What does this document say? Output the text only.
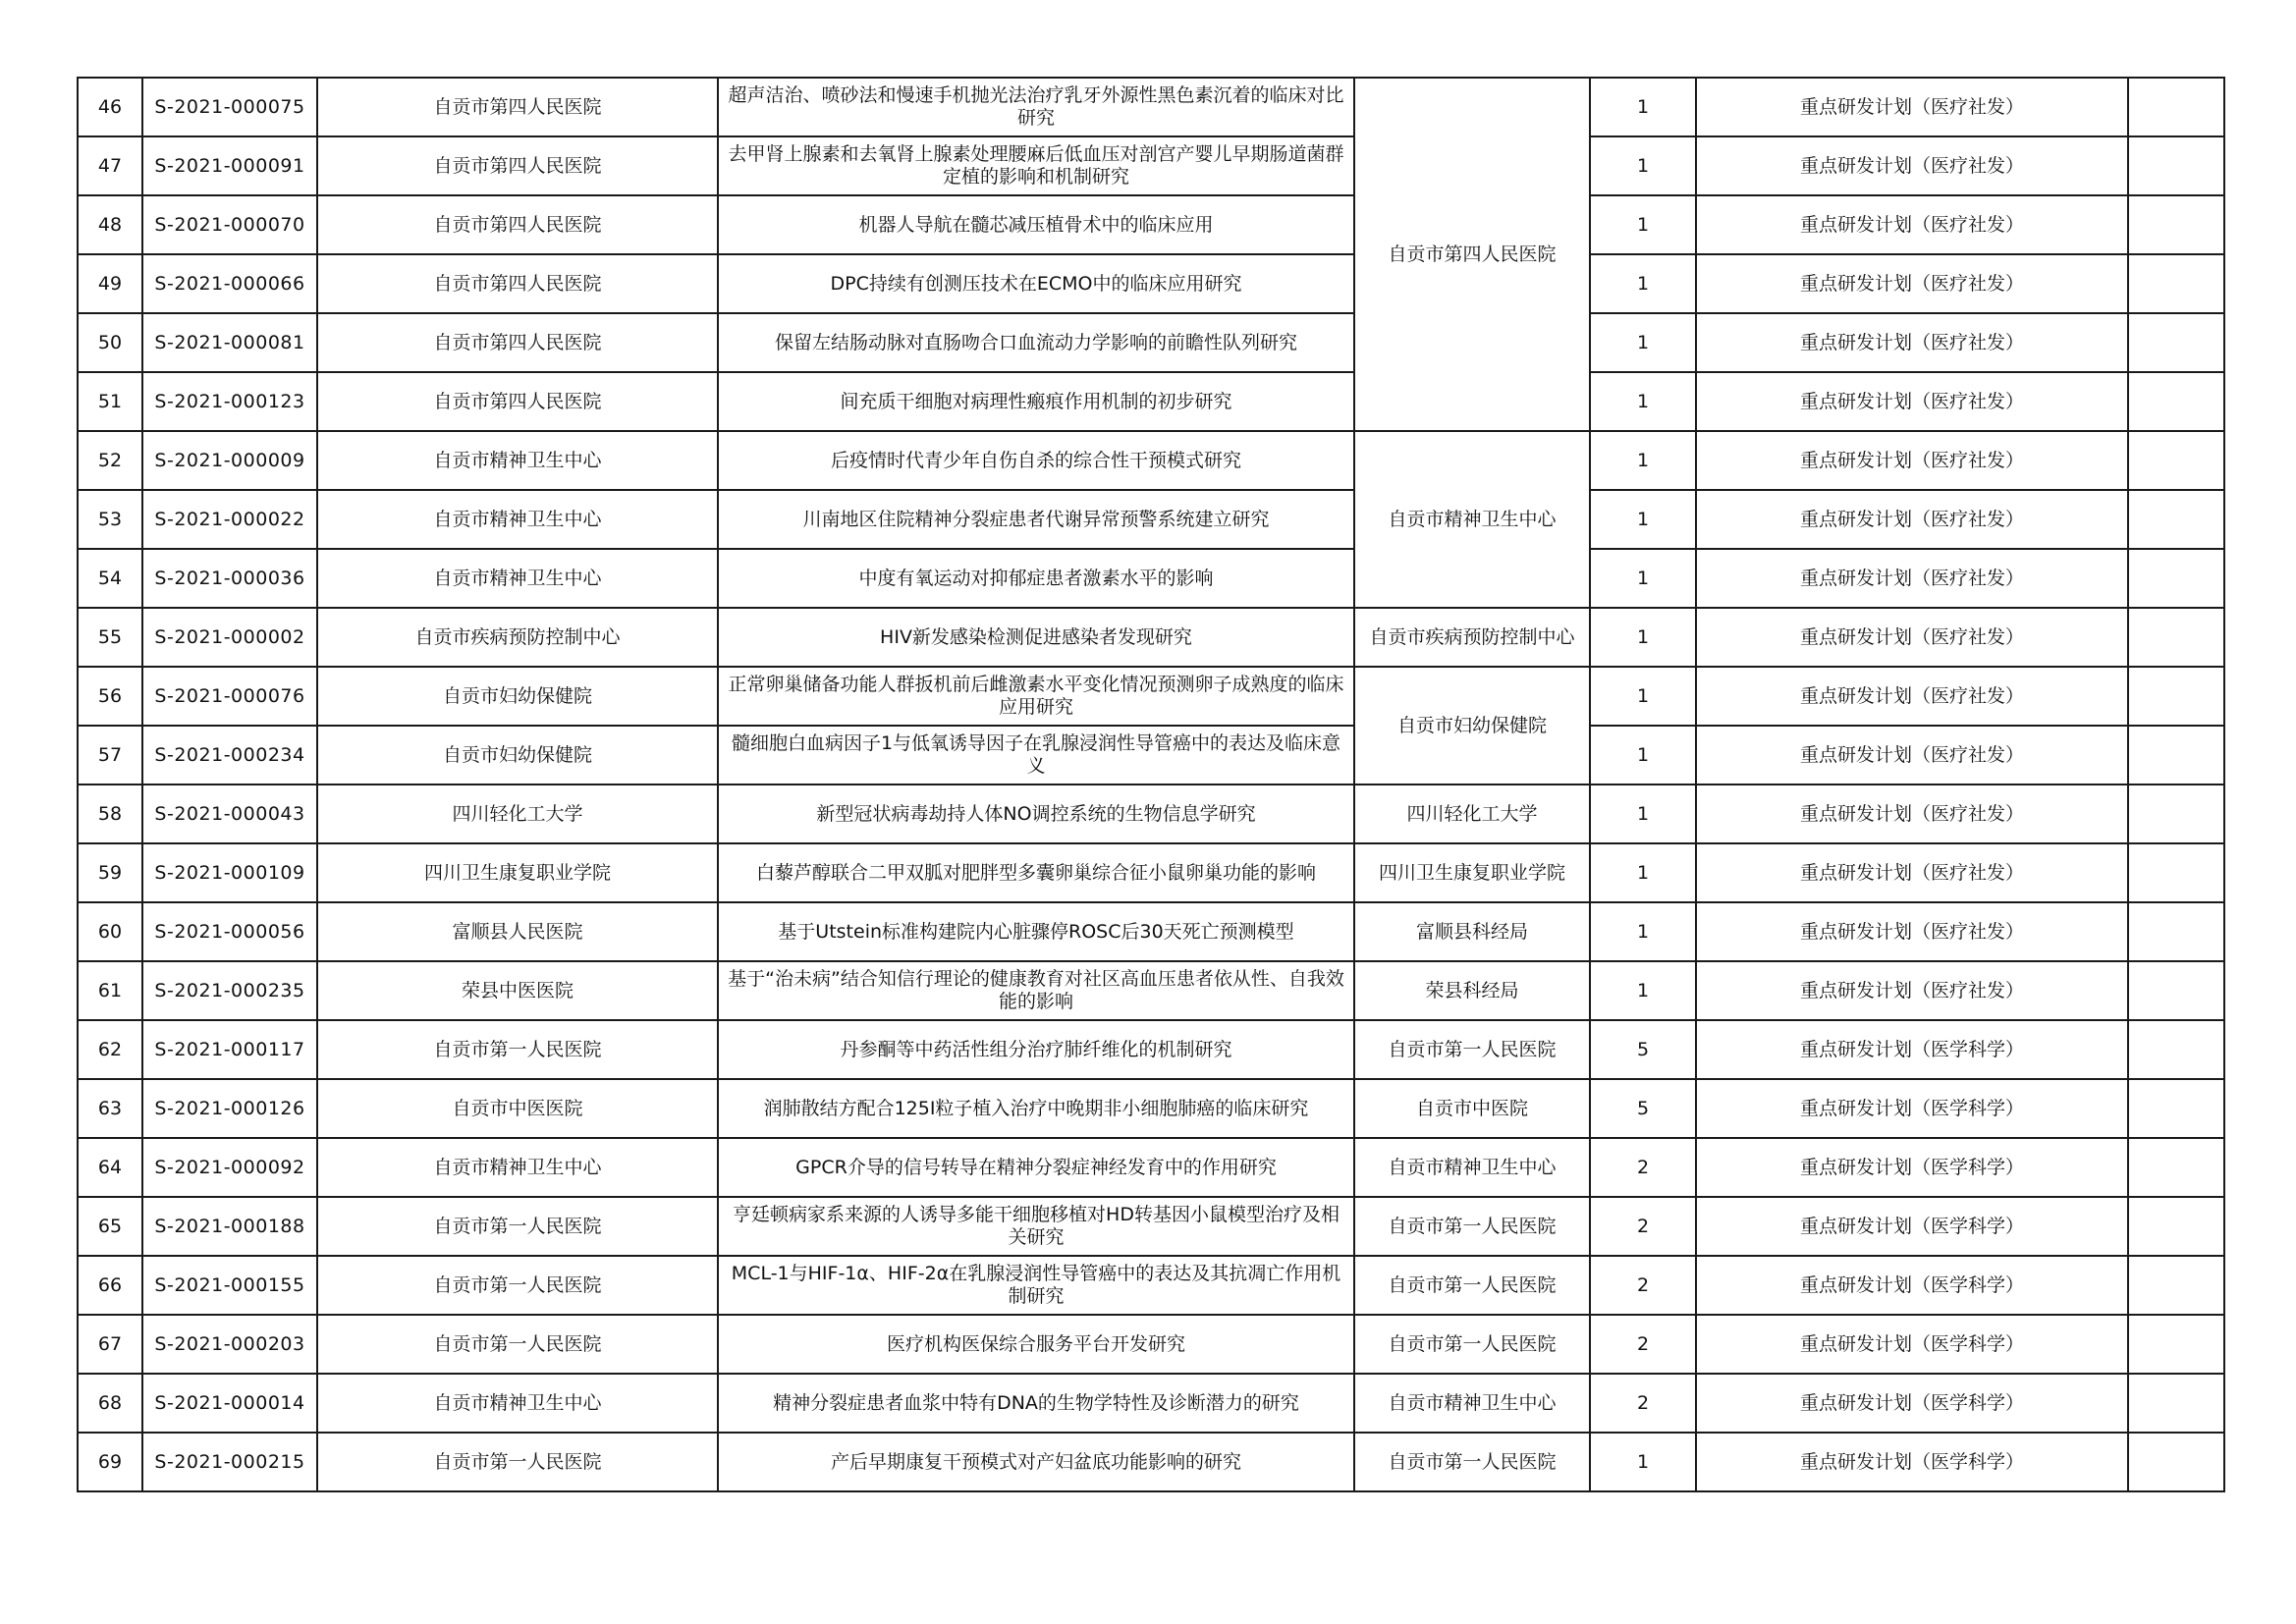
46	S-2021-000075	自贡市第四人民医院	超声洁治、喷砂法和慢速手机抛光法治疗乳牙外源性黑色素沉着的临床对比研究	自贡市第四人民医院	1	重点研发计划（医疗社发）	
47	S-2021-000091	自贡市第四人民医院	去甲肾上腺素和去氧肾上腺素处理腰麻后低血压对剖宫产婴儿早期肠道菌群定植的影响和机制研究		1	重点研发计划（医疗社发）	
48	S-2021-000070	自贡市第四人民医院	机器人导航在髓芯减压植骨术中的临床应用		1	重点研发计划（医疗社发）	
49	S-2021-000066	自贡市第四人民医院	DPC持续有创测压技术在ECMO中的临床应用研究		1	重点研发计划（医疗社发）	
50	S-2021-000081	自贡市第四人民医院	保留左结肠动脉对直肠吻合口血流动力学影响的前瞻性队列研究		1	重点研发计划（医疗社发）	
51	S-2021-000123	自贡市第四人民医院	间充质干细胞对病理性瘢痕作用机制的初步研究		1	重点研发计划（医疗社发）	
52	S-2021-000009	自贡市精神卫生中心	后疫情时代青少年自伤自杀的综合性干预模式研究	自贡市精神卫生中心	1	重点研发计划（医疗社发）	
53	S-2021-000022	自贡市精神卫生中心	川南地区住院精神分裂症患者代谢异常预警系统建立研究		1	重点研发计划（医疗社发）	
54	S-2021-000036	自贡市精神卫生中心	中度有氧运动对抑郁症患者激素水平的影响		1	重点研发计划（医疗社发）	
55	S-2021-000002	自贡市疾病预防控制中心	HIV新发感染检测促进感染者发现研究	自贡市疾病预防控制中心	1	重点研发计划（医疗社发）	
56	S-2021-000076	自贡市妇幼保健院	正常卵巢储备功能人群扳机前后雌激素水平变化情况预测卵子成熟度的临床应用研究	自贡市妇幼保健院	1	重点研发计划（医疗社发）	
57	S-2021-000234	自贡市妇幼保健院	髓细胞白血病因子1与低氧诱导因子在乳腺浸润性导管癌中的表达及临床意义		1	重点研发计划（医疗社发）	
58	S-2021-000043	四川轻化工大学	新型冠状病毒劫持人体NO调控系统的生物信息学研究	四川轻化工大学	1	重点研发计划（医疗社发）	
59	S-2021-000109	四川卫生康复职业学院	白藜芦醇联合二甲双胍对肥胖型多囊卵巢综合征小鼠卵巢功能的影响	四川卫生康复职业学院	1	重点研发计划（医疗社发）	
60	S-2021-000056	富顺县人民医院	基于Utstein标准构建院内心脏骤停ROSC后30天死亡预测模型	富顺县科经局	1	重点研发计划（医疗社发）	
61	S-2021-000235	荣县中医医院	基于“治未病”结合知信行理论的健康教育对社区高血压患者依从性、自我效能的影响	荣县科经局	1	重点研发计划（医疗社发）	
62	S-2021-000117	自贡市第一人民医院	丹参酮等中药活性组分治疗肺纤维化的机制研究	自贡市第一人民医院	5	重点研发计划（医学科学）	
63	S-2021-000126	自贡市中医医院	润肺散结方配合125I粒子植入治疗中晚期非小细胞肺癌的临床研究	自贡市中医院	5	重点研发计划（医学科学）	
64	S-2021-000092	自贡市精神卫生中心	GPCR介导的信号转导在精神分裂症神经发育中的作用研究	自贡市精神卫生中心	2	重点研发计划（医学科学）	
65	S-2021-000188	自贡市第一人民医院	亨廷顿病家系来源的人诱导多能干细胞移植对HD转基因小鼠模型治疗及相关研究	自贡市第一人民医院	2	重点研发计划（医学科学）	
66	S-2021-000155	自贡市第一人民医院	MCL-1与HIF-1α、HIF-2α在乳腺浸润性导管癌中的表达及其抗凋亡作用机制研究	自贡市第一人民医院	2	重点研发计划（医学科学）	
67	S-2021-000203	自贡市第一人民医院	医疗机构医保综合服务平台开发研究	自贡市第一人民医院	2	重点研发计划（医学科学）	
68	S-2021-000014	自贡市精神卫生中心	精神分裂症患者血浆中特有DNA的生物学特性及诊断潜力的研究	自贡市精神卫生中心	2	重点研发计划（医学科学）	
69	S-2021-000215	自贡市第一人民医院	产后早期康复干预模式对产妇盆底功能影响的研究	自贡市第一人民医院	1	重点研发计划（医学科学）	
